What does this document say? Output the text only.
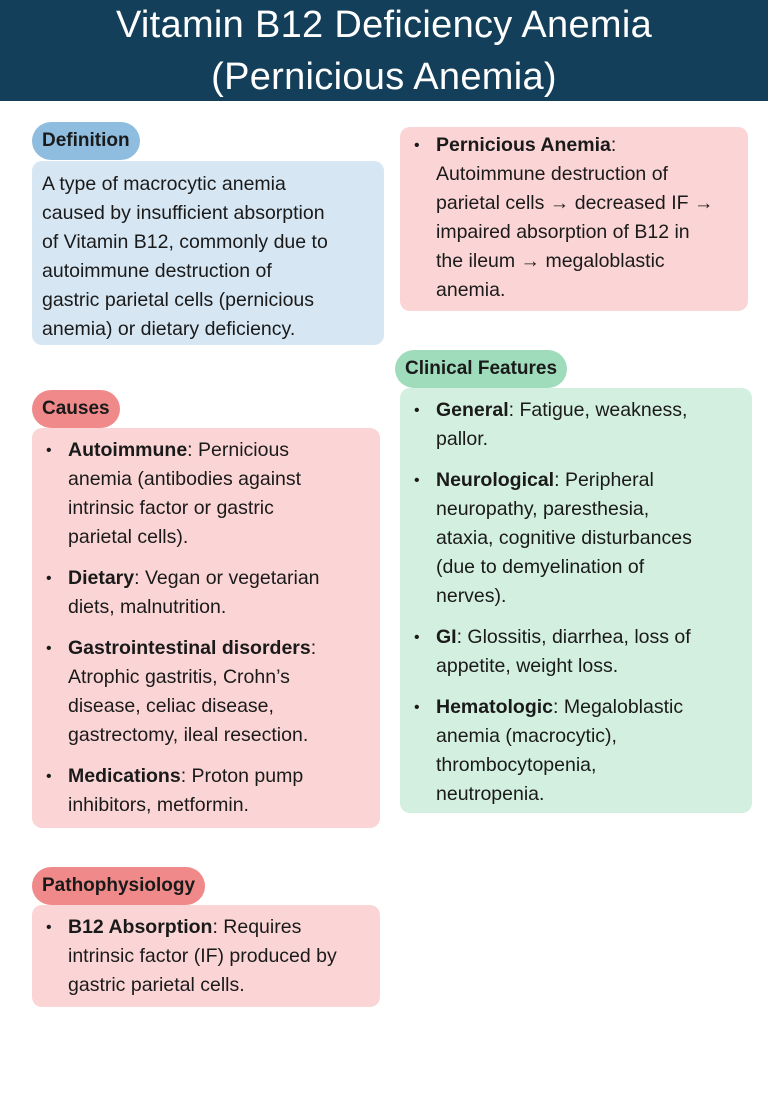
Vitamin B12 Deficiency Anemia
(Pernicious Anemia)
A type of macrocytic anemia
caused by insufficient absorption
of Vitamin B12, commonly due to
autoimmune destruction of
gastric parietal cells (pernicious
anemia) or dietary deficiency.
Definition	• Pernicious Anemia:
Autoimmune destruction of
parietal cells → decreased IF →
impaired absorption of B12 in
the ileum → megaloblastic
anemia.
• Autoimmune: Pernicious
anemia (antibodies against
intrinsic factor or gastric
parietal cells).
• Dietary: Vegan or vegetarian
diets, malnutrition.
• Gastrointestinal disorders:
Atrophic gastritis, Crohn’s
disease, celiac disease,
gastrectomy, ileal resection.
• Medications: Proton pump
inhibitors, metformin.
Causes	• General: Fatigue, weakness,
pallor.
• Neurological: Peripheral
neuropathy, paresthesia,
ataxia, cognitive disturbances
(due to demyelination of
nerves).
• GI: Glossitis, diarrhea, loss of
appetite, weight loss.
• Hematologic: Megaloblastic
anemia (macrocytic),
thrombocytopenia,
neutropenia.
Clinical Features
• B12 Absorption: Requires
intrinsic factor (IF) produced by
gastric parietal cells.
Pathophysiology
